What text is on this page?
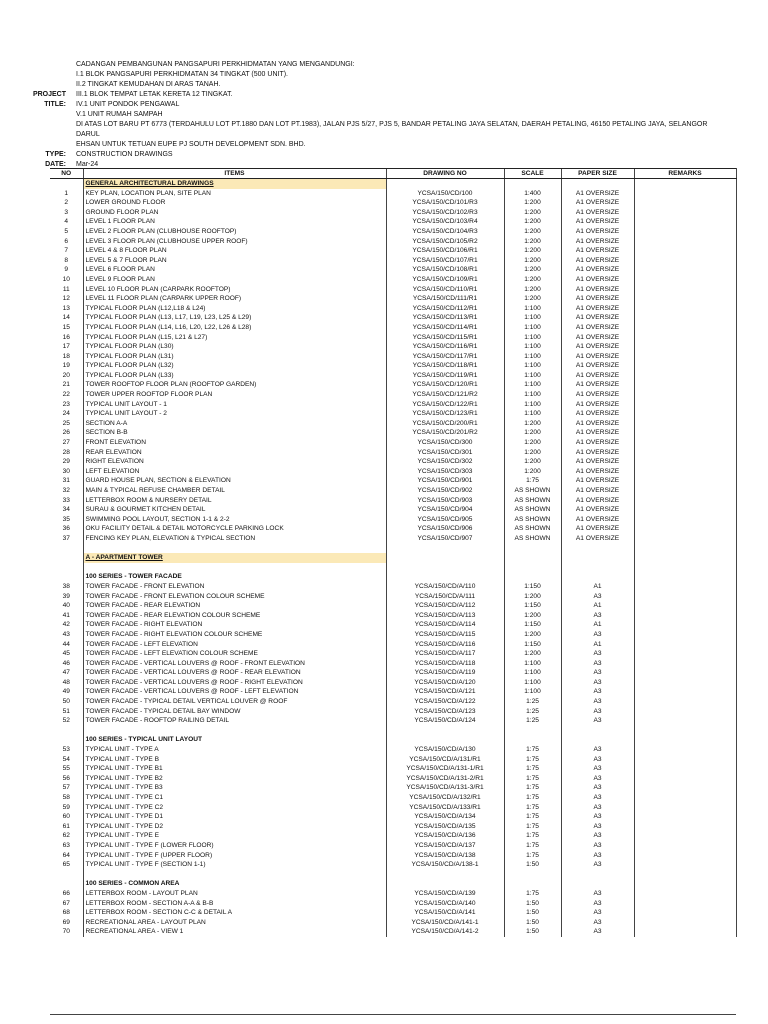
CADANGAN PEMBANGUNAN PANGSAPURI PERKHIDMATAN YANG MENGANDUNGI:
I.1 BLOK PANGSAPURI PERKHIDMATAN 34 TINGKAT (500 UNIT).
II.2 TINGKAT KEMUDAHAN DI ARAS TANAH.
PROJECT	III.1 BLOK TEMPAT LETAK KERETA 12 TINGKAT.
TITLE:	IV.1 UNIT PONDOK PENGAWAL
V.1 UNIT RUMAH SAMPAH
DI ATAS LOT BARU PT 6773 (TERDAHULU LOT PT.1880 DAN LOT PT.1983), JALAN PJS 5/27, PJS 5, BANDAR PETALING JAYA SELATAN, DAERAH PETALING, 46150 PETALING JAYA, SELANGOR DARUL
EHSAN UNTUK TETUAN EUPE PJ SOUTH DEVELOPMENT SDN. BHD.
TYPE:	CONSTRUCTION DRAWINGS
DATE:	Mar-24
NO	ITEMS	DRAWING NO	SCALE	PAPER SIZE	REMARKS
	GENERAL ARCHITECTURAL DRAWINGS				
1	KEY PLAN, LOCATION PLAN, SITE PLAN	YCSA/150/CD/100	1:400	A1 OVERSIZE	
2	LOWER GROUND FLOOR	YCSA/150/CD/101/R3	1:200	A1 OVERSIZE	
3	GROUND FLOOR PLAN	YCSA/150/CD/102/R3	1:200	A1 OVERSIZE	
4	LEVEL 1 FLOOR PLAN	YCSA/150/CD/103/R4	1:200	A1 OVERSIZE	
5	LEVEL 2 FLOOR PLAN (CLUBHOUSE ROOFTOP)	YCSA/150/CD/104/R3	1:200	A1 OVERSIZE	
6	LEVEL 3 FLOOR PLAN (CLUBHOUSE UPPER ROOF)	YCSA/150/CD/105/R2	1:200	A1 OVERSIZE	
7	LEVEL 4 & 8 FLOOR PLAN	YCSA/150/CD/106/R1	1:200	A1 OVERSIZE	
8	LEVEL 5 & 7 FLOOR PLAN	YCSA/150/CD/107/R1	1:200	A1 OVERSIZE	
9	LEVEL 6 FLOOR PLAN	YCSA/150/CD/108/R1	1:200	A1 OVERSIZE	
10	LEVEL 9 FLOOR PLAN	YCSA/150/CD/109/R1	1:200	A1 OVERSIZE	
11	LEVEL 10 FLOOR PLAN (CARPARK ROOFTOP)	YCSA/150/CD/110/R1	1:200	A1 OVERSIZE	
12	LEVEL 11 FLOOR PLAN (CARPARK UPPER ROOF)	YCSA/150/CD/111/R1	1:200	A1 OVERSIZE	
13	TYPICAL FLOOR PLAN (L12,L18 & L24)	YCSA/150/CD/112/R1	1:100	A1 OVERSIZE	
14	TYPICAL FLOOR PLAN (L13, L17, L19, L23, L25 & L29)	YCSA/150/CD/113/R1	1:100	A1 OVERSIZE	
15	TYPICAL FLOOR PLAN (L14, L16, L20, L22, L26 & L28)	YCSA/150/CD/114/R1	1:100	A1 OVERSIZE	
16	TYPICAL FLOOR PLAN (L15, L21 & L27)	YCSA/150/CD/115/R1	1:100	A1 OVERSIZE	
17	TYPICAL FLOOR PLAN (L30)	YCSA/150/CD/116/R1	1:100	A1 OVERSIZE	
18	TYPICAL FLOOR PLAN (L31)	YCSA/150/CD/117/R1	1:100	A1 OVERSIZE	
19	TYPICAL FLOOR PLAN (L32)	YCSA/150/CD/118/R1	1:100	A1 OVERSIZE	
20	TYPICAL FLOOR PLAN (L33)	YCSA/150/CD/119/R1	1:100	A1 OVERSIZE	
21	TOWER ROOFTOP FLOOR PLAN (ROOFTOP GARDEN)	YCSA/150/CD/120/R1	1:100	A1 OVERSIZE	
22	TOWER UPPER ROOFTOP FLOOR PLAN	YCSA/150/CD/121/R2	1:100	A1 OVERSIZE	
23	TYPICAL UNIT LAYOUT - 1	YCSA/150/CD/122/R1	1:100	A1 OVERSIZE	
24	TYPICAL UNIT LAYOUT - 2	YCSA/150/CD/123/R1	1:100	A1 OVERSIZE	
25	SECTION A-A	YCSA/150/CD/200/R1	1:200	A1 OVERSIZE	
26	SECTION B-B	YCSA/150/CD/201/R2	1:200	A1 OVERSIZE	
27	FRONT ELEVATION	YCSA/150/CD/300	1:200	A1 OVERSIZE	
28	REAR ELEVATION	YCSA/150/CD/301	1:200	A1 OVERSIZE	
29	RIGHT ELEVATION	YCSA/150/CD/302	1:200	A1 OVERSIZE	
30	LEFT ELEVATION	YCSA/150/CD/303	1:200	A1 OVERSIZE	
31	GUARD HOUSE PLAN, SECTION & ELEVATION	YCSA/150/CD/901	1:75	A1 OVERSIZE	
32	MAIN & TYPICAL REFUSE CHAMBER DETAIL	YCSA/150/CD/902	AS SHOWN	A1 OVERSIZE	
33	LETTERBOX ROOM & NURSERY DETAIL	YCSA/150/CD/903	AS SHOWN	A1 OVERSIZE	
34	SURAU & GOURMET KITCHEN DETAIL	YCSA/150/CD/904	AS SHOWN	A1 OVERSIZE	
35	SWIMMING POOL LAYOUT, SECTION 1-1 & 2-2	YCSA/150/CD/905	AS SHOWN	A1 OVERSIZE	
36	OKU FACILITY DETAIL & DETAIL MOTORCYCLE PARKING LOCK	YCSA/150/CD/906	AS SHOWN	A1 OVERSIZE	
37	FENCING KEY PLAN, ELEVATION & TYPICAL SECTION	YCSA/150/CD/907	AS SHOWN	A1 OVERSIZE	

	A - APARTMENT TOWER				

	100 SERIES - TOWER FACADE				
38	TOWER FACADE - FRONT ELEVATION	YCSA/150/CD/A/110	1:150	A1	
39	TOWER FACADE - FRONT ELEVATION COLOUR SCHEME	YCSA/150/CD/A/111	1:200	A3	
40	TOWER FACADE - REAR ELEVATION	YCSA/150/CD/A/112	1:150	A1	
41	TOWER FACADE - REAR ELEVATION COLOUR SCHEME	YCSA/150/CD/A/113	1:200	A3	
42	TOWER FACADE - RIGHT ELEVATION	YCSA/150/CD/A/114	1:150	A1	
43	TOWER FACADE - RIGHT ELEVATION COLOUR SCHEME	YCSA/150/CD/A/115	1:200	A3	
44	TOWER FACADE - LEFT ELEVATION	YCSA/150/CD/A/116	1:150	A1	
45	TOWER FACADE - LEFT ELEVATION COLOUR SCHEME	YCSA/150/CD/A/117	1:200	A3	
46	TOWER FACADE - VERTICAL LOUVERS @ ROOF - FRONT ELEVATION	YCSA/150/CD/A/118	1:100	A3	
47	TOWER FACADE - VERTICAL LOUVERS @ ROOF - REAR ELEVATION	YCSA/150/CD/A/119	1:100	A3	
48	TOWER FACADE - VERTICAL LOUVERS @ ROOF - RIGHT ELEVATION	YCSA/150/CD/A/120	1:100	A3	
49	TOWER FACADE - VERTICAL LOUVERS @ ROOF - LEFT ELEVATION	YCSA/150/CD/A/121	1:100	A3	
50	TOWER FACADE - TYPICAL DETAIL VERTICAL LOUVER @ ROOF	YCSA/150/CD/A/122	1:25	A3	
51	TOWER FACADE - TYPICAL DETAIL BAY WINDOW	YCSA/150/CD/A/123	1:25	A3	
52	TOWER FACADE - ROOFTOP RAILING DETAIL	YCSA/150/CD/A/124	1:25	A3	

	100 SERIES - TYPICAL UNIT LAYOUT				
53	TYPICAL UNIT - TYPE A	YCSA/150/CD/A/130	1:75	A3	
54	TYPICAL UNIT - TYPE B	YCSA/150/CD/A/131/R1	1:75	A3	
55	TYPICAL UNIT - TYPE B1	YCSA/150/CD/A/131-1/R1	1:75	A3	
56	TYPICAL UNIT - TYPE B2	YCSA/150/CD/A/131-2/R1	1:75	A3	
57	TYPICAL UNIT - TYPE B3	YCSA/150/CD/A/131-3/R1	1:75	A3	
58	TYPICAL UNIT - TYPE C1	YCSA/150/CD/A/132/R1	1:75	A3	
59	TYPICAL UNIT - TYPE C2	YCSA/150/CD/A/133/R1	1:75	A3	
60	TYPICAL UNIT - TYPE D1	YCSA/150/CD/A/134	1:75	A3	
61	TYPICAL UNIT - TYPE D2	YCSA/150/CD/A/135	1:75	A3	
62	TYPICAL UNIT - TYPE E	YCSA/150/CD/A/136	1:75	A3	
63	TYPICAL UNIT - TYPE F (LOWER FLOOR)	YCSA/150/CD/A/137	1:75	A3	
64	TYPICAL UNIT - TYPE F (UPPER FLOOR)	YCSA/150/CD/A/138	1:75	A3	
65	TYPICAL UNIT - TYPE F (SECTION 1-1)	YCSA/150/CD/A/138-1	1:50	A3	

	100 SERIES - COMMON AREA				
66	LETTERBOX ROOM - LAYOUT PLAN	YCSA/150/CD/A/139	1:75	A3	
67	LETTERBOX ROOM - SECTION A-A & B-B	YCSA/150/CD/A/140	1:50	A3	
68	LETTERBOX ROOM - SECTION C-C & DETAIL A	YCSA/150/CD/A/141	1:50	A3	
69	RECREATIONAL AREA - LAYOUT PLAN	YCSA/150/CD/A/141-1	1:50	A3	
70	RECREATIONAL AREA - VIEW 1	YCSA/150/CD/A/141-2	1:50	A3	
